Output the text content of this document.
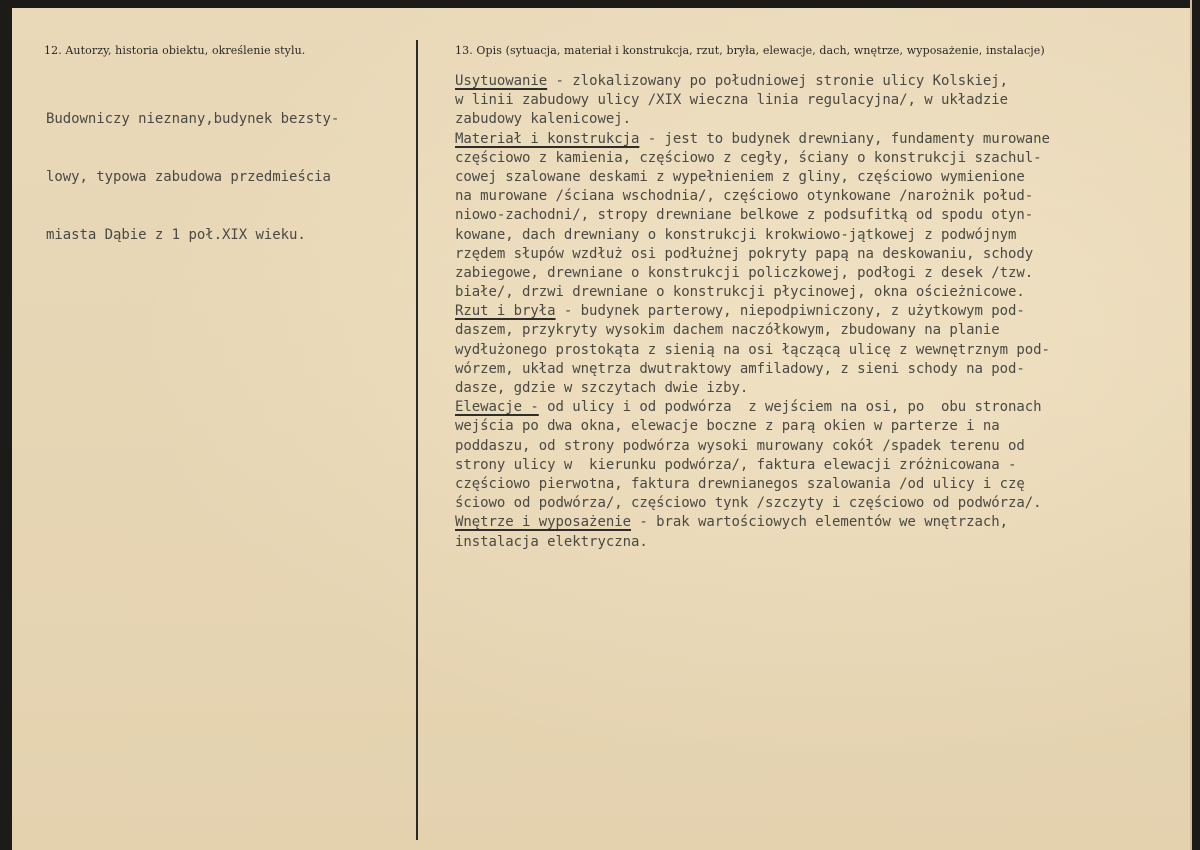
12. Autorzy, historia obiektu, określenie stylu.	13. Opis (sytuacja, materiał i konstrukcja, rzut, bryła, elewacje, dach, wnętrze, wyposażenie, instalacje)

Budowniczy nieznany,budynek bezsty-

lowy, typowa zabudowa przedmieścia

miasta Dąbie z 1 poł.XIX wieku.

Usytuowanie - zlokalizowany po południowej stronie ulicy Kolskiej,
w linii zabudowy ulicy /XIX wieczna linia regulacyjna/, w układzie
zabudowy kalenicowej.
Materiał i konstrukcja - jest to budynek drewniany, fundamenty murowane
częściowo z kamienia, częściowo z cegły, ściany o konstrukcji szachul-
cowej szalowane deskami z wypełnieniem z gliny, częściowo wymienione
na murowane /ściana wschodnia/, częściowo otynkowane /narożnik połud-
niowo-zachodni/, stropy drewniane belkowe z podsufitką od spodu otyn-
kowane, dach drewniany o konstrukcji krokwiowo-jątkowej z podwójnym
rzędem słupów wzdłuż osi podłużnej pokryty papą na deskowaniu, schody
zabiegowe, drewniane o konstrukcji policzkowej, podłogi z desek /tzw.
białe/, drzwi drewniane o konstrukcji płycinowej, okna ościeżnicowe.
Rzut i bryła - budynek parterowy, niepodpiwniczony, z użytkowym pod-
daszem, przykryty wysokim dachem naczółkowym, zbudowany na planie
wydłużonego prostokąta z sienią na osi łączącą ulicę z wewnętrznym pod-
wórzem, układ wnętrza dwutraktowy amfiladowy, z sieni schody na pod-
dasze, gdzie w szczytach dwie izby.
Elewacje - od ulicy i od podwórza  z wejściem na osi, po  obu stronach
wejścia po dwa okna, elewacje boczne z parą okien w parterze i na
poddaszu, od strony podwórza wysoki murowany cokół /spadek terenu od
strony ulicy w  kierunku podwórza/, faktura elewacji zróżnicowana -
częściowo pierwotna, faktura drewnianegos szalowania /od ulicy i czę
ściowo od podwórza/, częściowo tynk /szczyty i częściowo od podwórza/.
Wnętrze i wyposażenie - brak wartościowych elementów we wnętrzach,
instalacja elektryczna.
